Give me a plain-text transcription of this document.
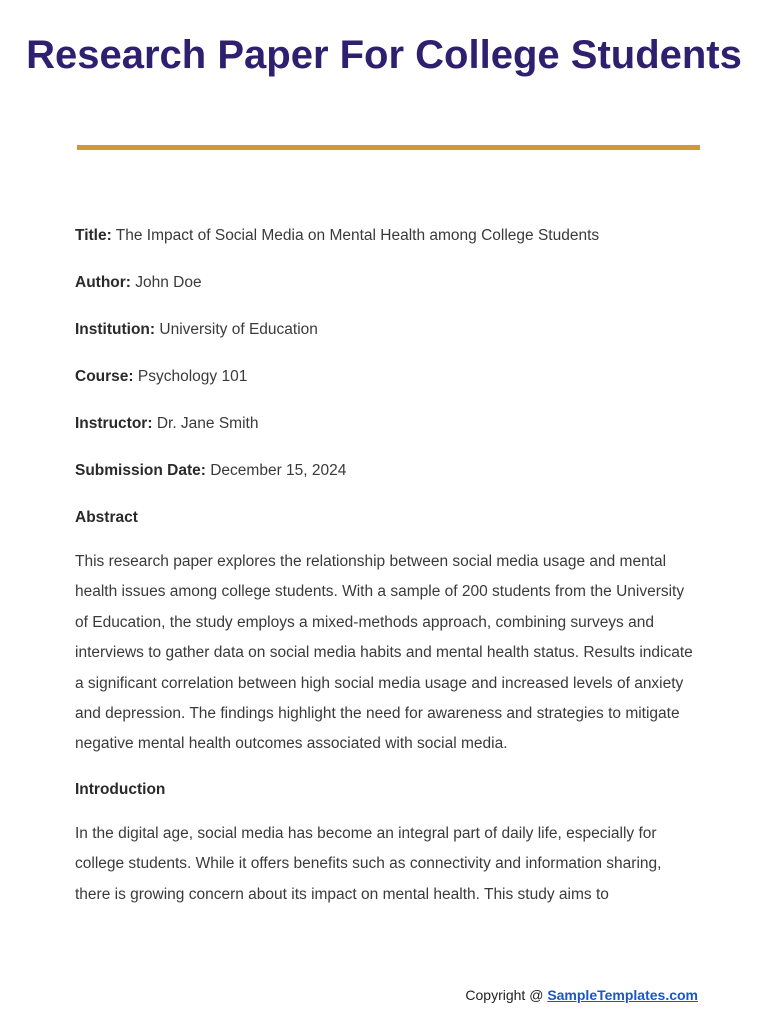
Research Paper For College Students

Title: The Impact of Social Media on Mental Health among College Students

Author: John Doe

Institution: University of Education

Course: Psychology 101

Instructor: Dr. Jane Smith

Submission Date: December 15, 2024

Abstract

This research paper explores the relationship between social media usage and mental health issues among college students. With a sample of 200 students from the University of Education, the study employs a mixed-methods approach, combining surveys and interviews to gather data on social media habits and mental health status. Results indicate a significant correlation between high social media usage and increased levels of anxiety and depression. The findings highlight the need for awareness and strategies to mitigate negative mental health outcomes associated with social media.

Introduction

In the digital age, social media has become an integral part of daily life, especially for college students. While it offers benefits such as connectivity and information sharing, there is growing concern about its impact on mental health. This study aims to

Copyright @ SampleTemplates.com
